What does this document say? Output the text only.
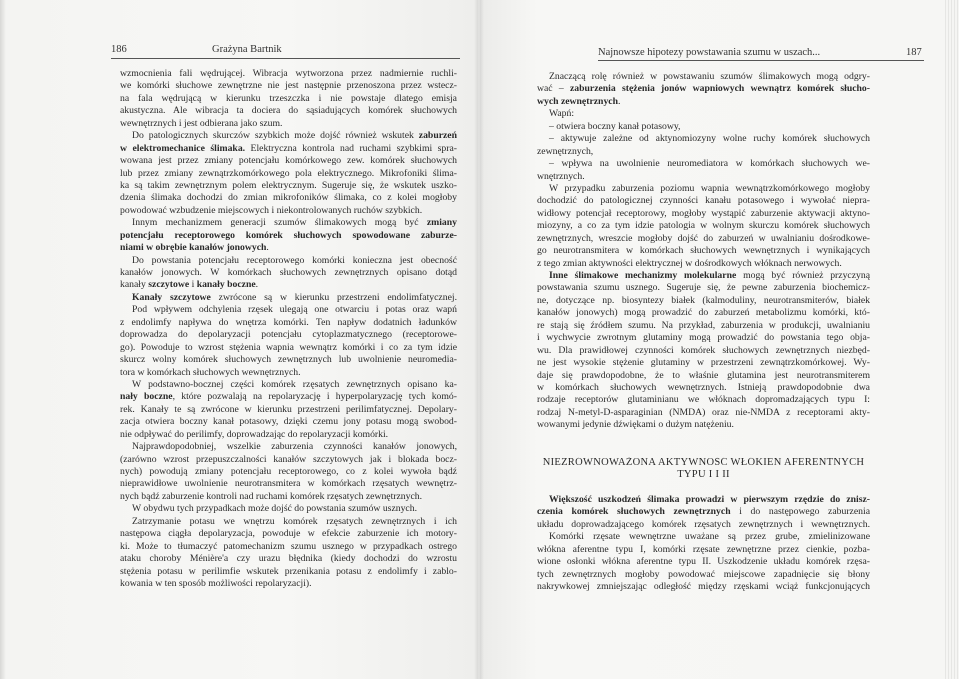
186	Grażyna Bartnik
wzmocnienia fali wędrującej. Wibracja wytworzona przez nadmiernie ruchli-
we komórki słuchowe zewnętrzne nie jest następnie przenoszona przez wstecz-
na fala wędrującą w kierunku trzeszczka i nie powstaje dlatego emisja
akustyczna. Ale wibracja ta dociera do sąsiadujących komórek słuchowych
wewnętrznych i jest odbierana jako szum.
Do patologicznych skurczów szybkich może dojść również wskutek zaburzeń
w elektromechanice ślimaka. Elektryczna kontrola nad ruchami szybkimi spra-
wowana jest przez zmiany potencjału komórkowego zew. komórek słuchowych
lub przez zmiany zewnątrzkomórkowego pola elektrycznego. Mikrofoniki ślima-
ka są takim zewnętrznym polem elektrycznym. Sugeruje się, że wskutek uszko-
dzenia ślimaka dochodzi do zmian mikrofoników ślimaka, co z kolei mogłoby
powodować wzbudzenie miejscowych i niekontrolowanych ruchów szybkich.
Innym mechanizmem generacji szumów ślimakowych mogą być zmiany
potencjału receptorowego komórek słuchowych spowodowane zaburze-
niami w obrębie kanałów jonowych.
Do powstania potencjału receptorowego komórki konieczna jest obecność
kanałów jonowych. W komórkach słuchowych zewnętrznych opisano dotąd
kanały szczytowe i kanały boczne.
Kanały szczytowe zwrócone są w kierunku przestrzeni endolimfatycznej.
Pod wpływem odchylenia rzęsek ulegają one otwarciu i potas oraz wapń
z endolimfy napływa do wnętrza komórki. Ten napływ dodatnich ładunków
doprowadza do depolaryzacji potencjału cytoplazmatycznego (receptorowe-
go). Powoduje to wzrost stężenia wapnia wewnątrz komórki i co za tym idzie
skurcz wolny komórek słuchowych zewnętrznych lub uwolnienie neuromedia-
tora w komórkach słuchowych wewnętrznych.
W podstawno-bocznej części komórek rzęsatych zewnętrznych opisano ka-
nały boczne, które pozwalają na repolaryzację i hyperpolaryzację tych komó-
rek. Kanały te są zwrócone w kierunku przestrzeni perilimfatycznej. Depolary-
zacja otwiera boczny kanał potasowy, dzięki czemu jony potasu mogą swobod-
nie odpływać do perilimfy, doprowadzając do repolaryzacji komórki.
Najprawdopodobniej, wszelkie zaburzenia czynności kanałów jonowych,
(zarówno wzrost przepuszczalności kanałów szczytowych jak i blokada bocz-
nych) powodują zmiany potencjału receptorowego, co z kolei wywoła bądź
nieprawidłowe uwolnienie neurotransmitera w komórkach rzęsatych wewnętrz-
nych bądź zaburzenie kontroli nad ruchami komórek rzęsatych zewnętrznych.
W obydwu tych przypadkach może dojść do powstania szumów usznych.
Zatrzymanie potasu we wnętrzu komórek rzęsatych zewnętrznych i ich
następowa ciągła depolaryzacja, powoduje w efekcie zaburzenie ich motory-
ki. Może to tłumaczyć patomechanizm szumu usznego w przypadkach ostrego
ataku choroby Ménière'a czy urazu błędnika (kiedy dochodzi do wzrostu
stężenia potasu w perilimfie wskutek przenikania potasu z endolimfy i zablo-
kowania w ten sposób możliwości repolaryzacji).
Najnowsze hipotezy powstawania szumu w uszach...	187
Znaczącą rolę również w powstawaniu szumów ślimakowych mogą odgry-
wać – zaburzenia stężenia jonów wapniowych wewnątrz komórek słucho-
wych zewnętrznych.
Wapń:
– otwiera boczny kanał potasowy,
– aktywuje zależne od aktynomiozyny wolne ruchy komórek słuchowych
zewnętrznych,
– wpływa na uwolnienie neuromediatora w komórkach słuchowych we-
wnętrznych.
W przypadku zaburzenia poziomu wapnia wewnątrzkomórkowego mogłoby
dochodzić do patologicznej czynności kanału potasowego i wywołać niepra-
widłowy potencjał receptorowy, mogłoby wystąpić zaburzenie aktywacji aktyno-
miozyny, a co za tym idzie patologia w wolnym skurczu komórek słuchowych
zewnętrznych, wreszcie mogłoby dojść do zaburzeń w uwalnianiu dośrodkowe-
go neurotransmitera w komórkach słuchowych wewnętrznych i wynikających
z tego zmian aktywności elektrycznej w dośrodkowych włóknach nerwowych.
Inne ślimakowe mechanizmy molekularne mogą być również przyczyną
powstawania szumu usznego. Sugeruje się, że pewne zaburzenia biochemicz-
ne, dotyczące np. biosyntezy białek (kalmoduliny, neurotransmiterów, białek
kanałów jonowych) mogą prowadzić do zaburzeń metabolizmu komórki, któ-
re stają się źródłem szumu. Na przykład, zaburzenia w produkcji, uwalnianiu
i wychwycie zwrotnym glutaminy mogą prowadzić do powstania tego obja-
wu. Dla prawidłowej czynności komórek słuchowych zewnętrznych niezbęd-
ne jest wysokie stężenie glutaminy w przestrzeni zewnątrzkomórkowej. Wy-
daje się prawdopodobne, że to właśnie glutamina jest neurotransmiterem
w komórkach słuchowych wewnętrznych. Istnieją prawdopodobnie dwa
rodzaje receptorów glutaminianu we włóknach dopromadzających typu I:
rodzaj N-metyl-D-asparaginian (NMDA) oraz nie-NMDA z receptorami akty-
wowanymi jedynie dźwiękami o dużym natężeniu.
NIEZRÓWNOWAŻONA AKTYWNOŚĆ WŁÓKIEN AFERENTNYCH
TYPU I I II
Większość uszkodzeń ślimaka prowadzi w pierwszym rzędzie do znisz-
czenia komórek słuchowych zewnętrznych i do następowego zaburzenia
układu doprowadzającego komórek rzęsatych zewnętrznych i wewnętrznych.
Komórki rzęsate wewnętrzne uważane są przez grube, zmielinizowane
włókna aferentne typu I, komórki rzęsate zewnętrzne przez cienkie, pozba-
wione osłonki włókna aferentne typu II. Uszkodzenie układu komórek rzęsa-
tych zewnętrznych mogłoby powodować miejscowe zapadnięcie się błony
nakrywkowej zmniejszając odległość między rzęskami wciąż funkcjonujących
